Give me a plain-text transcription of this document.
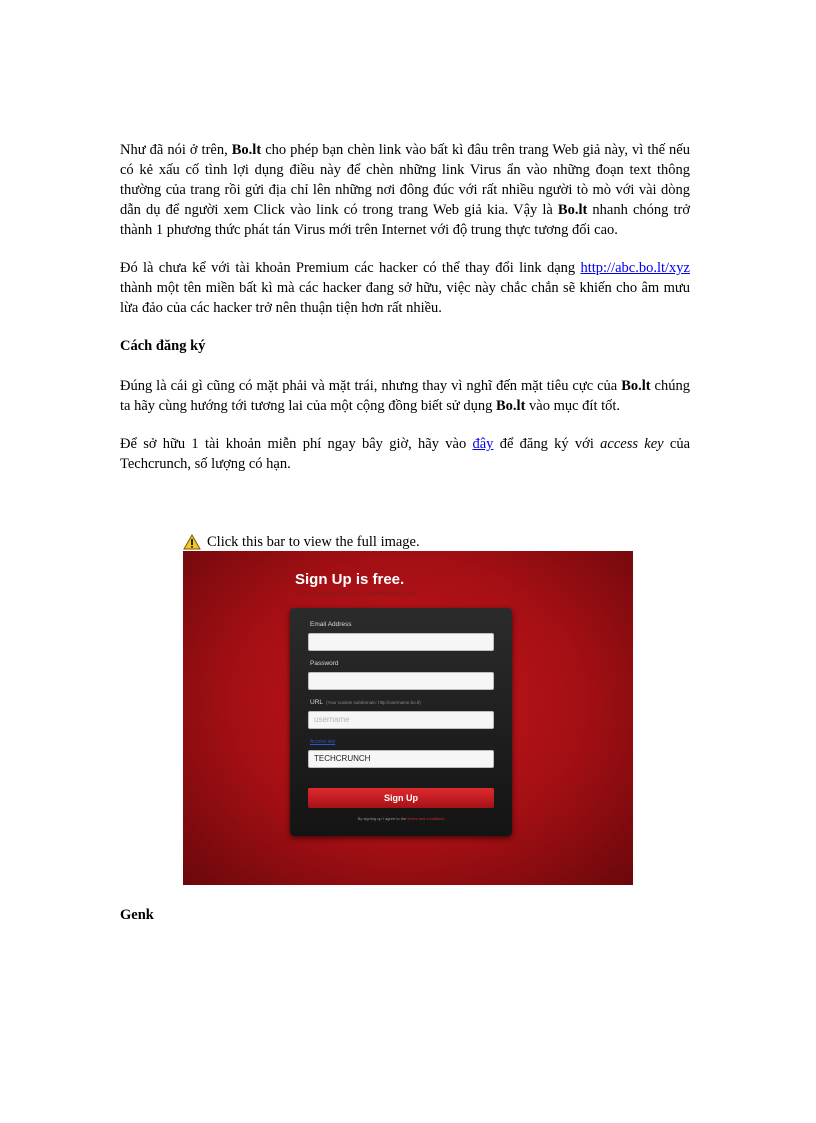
Như đã nói ở trên, Bo.lt cho phép bạn chèn link vào bất kì đâu trên trang Web giả này, vì thế nếu có kẻ xấu cố tình lợi dụng điều này để chèn những link Virus ẩn vào những đoạn text thông thường của trang rồi gửi địa chỉ lên những nơi đông đúc với rất nhiều người tò mò với vài dòng dẫn dụ để người xem Click vào link có trong trang Web giả kia. Vậy là Bo.lt nhanh chóng trở thành 1 phương thức phát tán Virus mới trên Internet với độ trung thực tương đối cao.

Đó là chưa kể với tài khoản Premium các hacker có thể thay đổi link dạng http://abc.bo.lt/xyz thành một tên miền bất kì mà các hacker đang sở hữu, việc này chắc chắn sẽ khiến cho âm mưu lừa đảo của các hacker trở nên thuận tiện hơn rất nhiều.

Cách đăng ký

Đúng là cái gì cũng có mặt phải và mặt trái, nhưng thay vì nghĩ đến mặt tiêu cực của Bo.lt chúng ta hãy cùng hướng tới tương lai của một cộng đồng biết sử dụng Bo.lt vào mục đít tốt.

Để sở hữu 1 tài khoản miễn phí ngay bây giờ, hãy vào đây để đăng ký với access key của Techcrunch, số lượng có hạn.

Click this bar to view the full image.
Sign Up is free.
You're one step away from ravishing the web.
Email Address
Password
URL (Your custom subdomain: http://username.bo.lt)
username
Access key
TECHCRUNCH
Sign Up
By signing up I agree to the terms and conditions
Genk
